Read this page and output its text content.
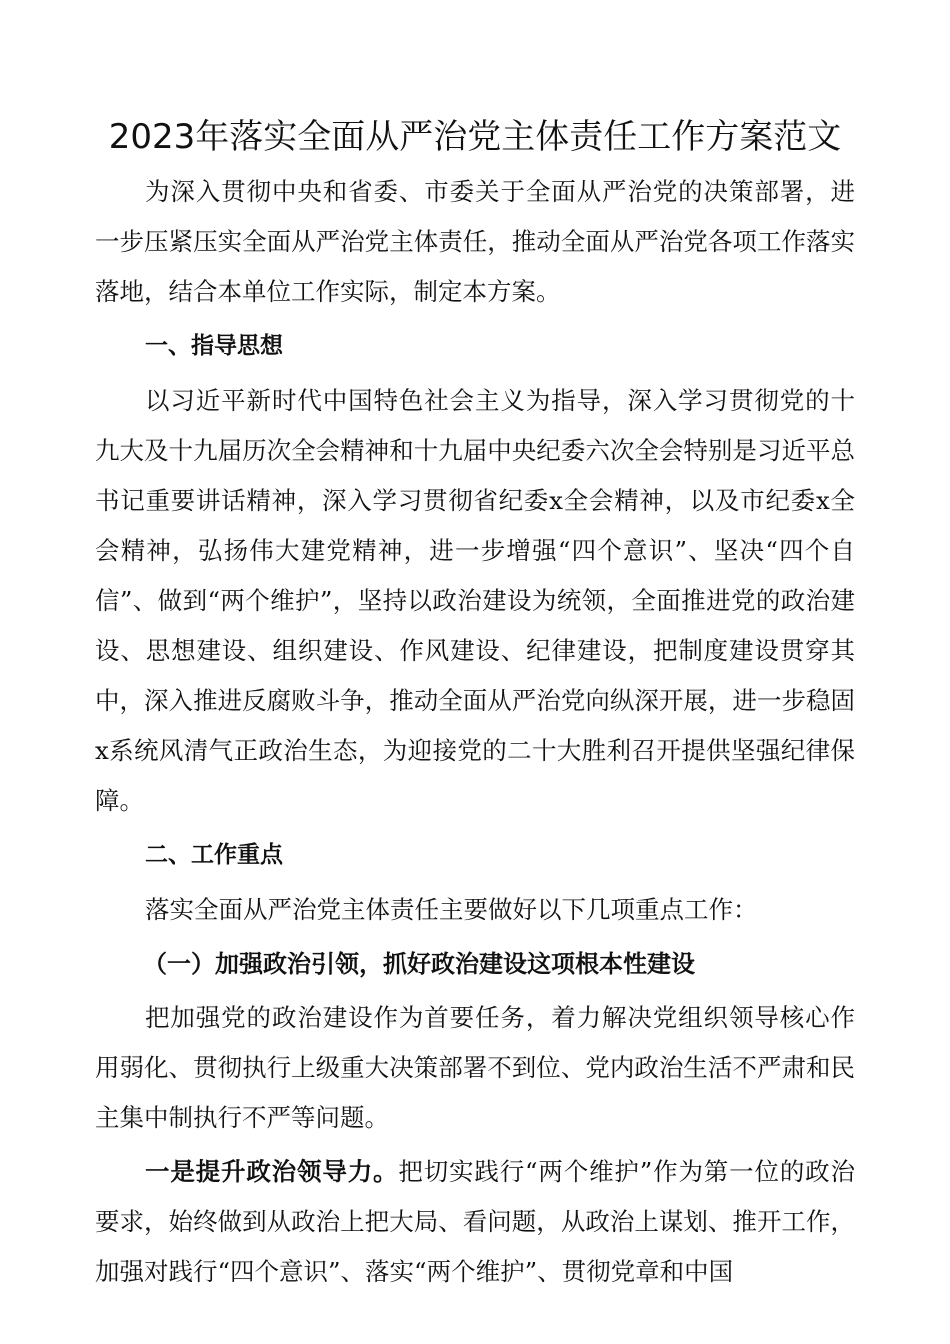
2023年落实全面从严治党主体责任工作方案范文

为深入贯彻中央和省委、市委关于全面从严治党的决策部署，进一步压紧压实全面从严治党主体责任，推动全面从严治党各项工作落实落地，结合本单位工作实际，制定本方案。

一、指导思想

以习近平新时代中国特色社会主义为指导，深入学习贯彻党的十九大及十九届历次全会精神和十九届中央纪委六次全会特别是习近平总书记重要讲话精神，深入学习贯彻省纪委x全会精神，以及市纪委x全会精神，弘扬伟大建党精神，进一步增强“四个意识”、坚决“四个自信”、做到“两个维护”，坚持以政治建设为统领，全面推进党的政治建设、思想建设、组织建设、作风建设、纪律建设，把制度建设贯穿其中，深入推进反腐败斗争，推动全面从严治党向纵深开展，进一步稳固x系统风清气正政治生态，为迎接党的二十大胜利召开提供坚强纪律保障。

二、工作重点

落实全面从严治党主体责任主要做好以下几项重点工作：

（一）加强政治引领，抓好政治建设这项根本性建设

把加强党的政治建设作为首要任务，着力解决党组织领导核心作用弱化、贯彻执行上级重大决策部署不到位、党内政治生活不严肃和民主集中制执行不严等问题。

一是提升政治领导力。把切实践行“两个维护”作为第一位的政治要求，始终做到从政治上把大局、看问题，从政治上谋划、推开工作，加强对践行“四个意识”、落实“两个维护”、贯彻党章和中国
